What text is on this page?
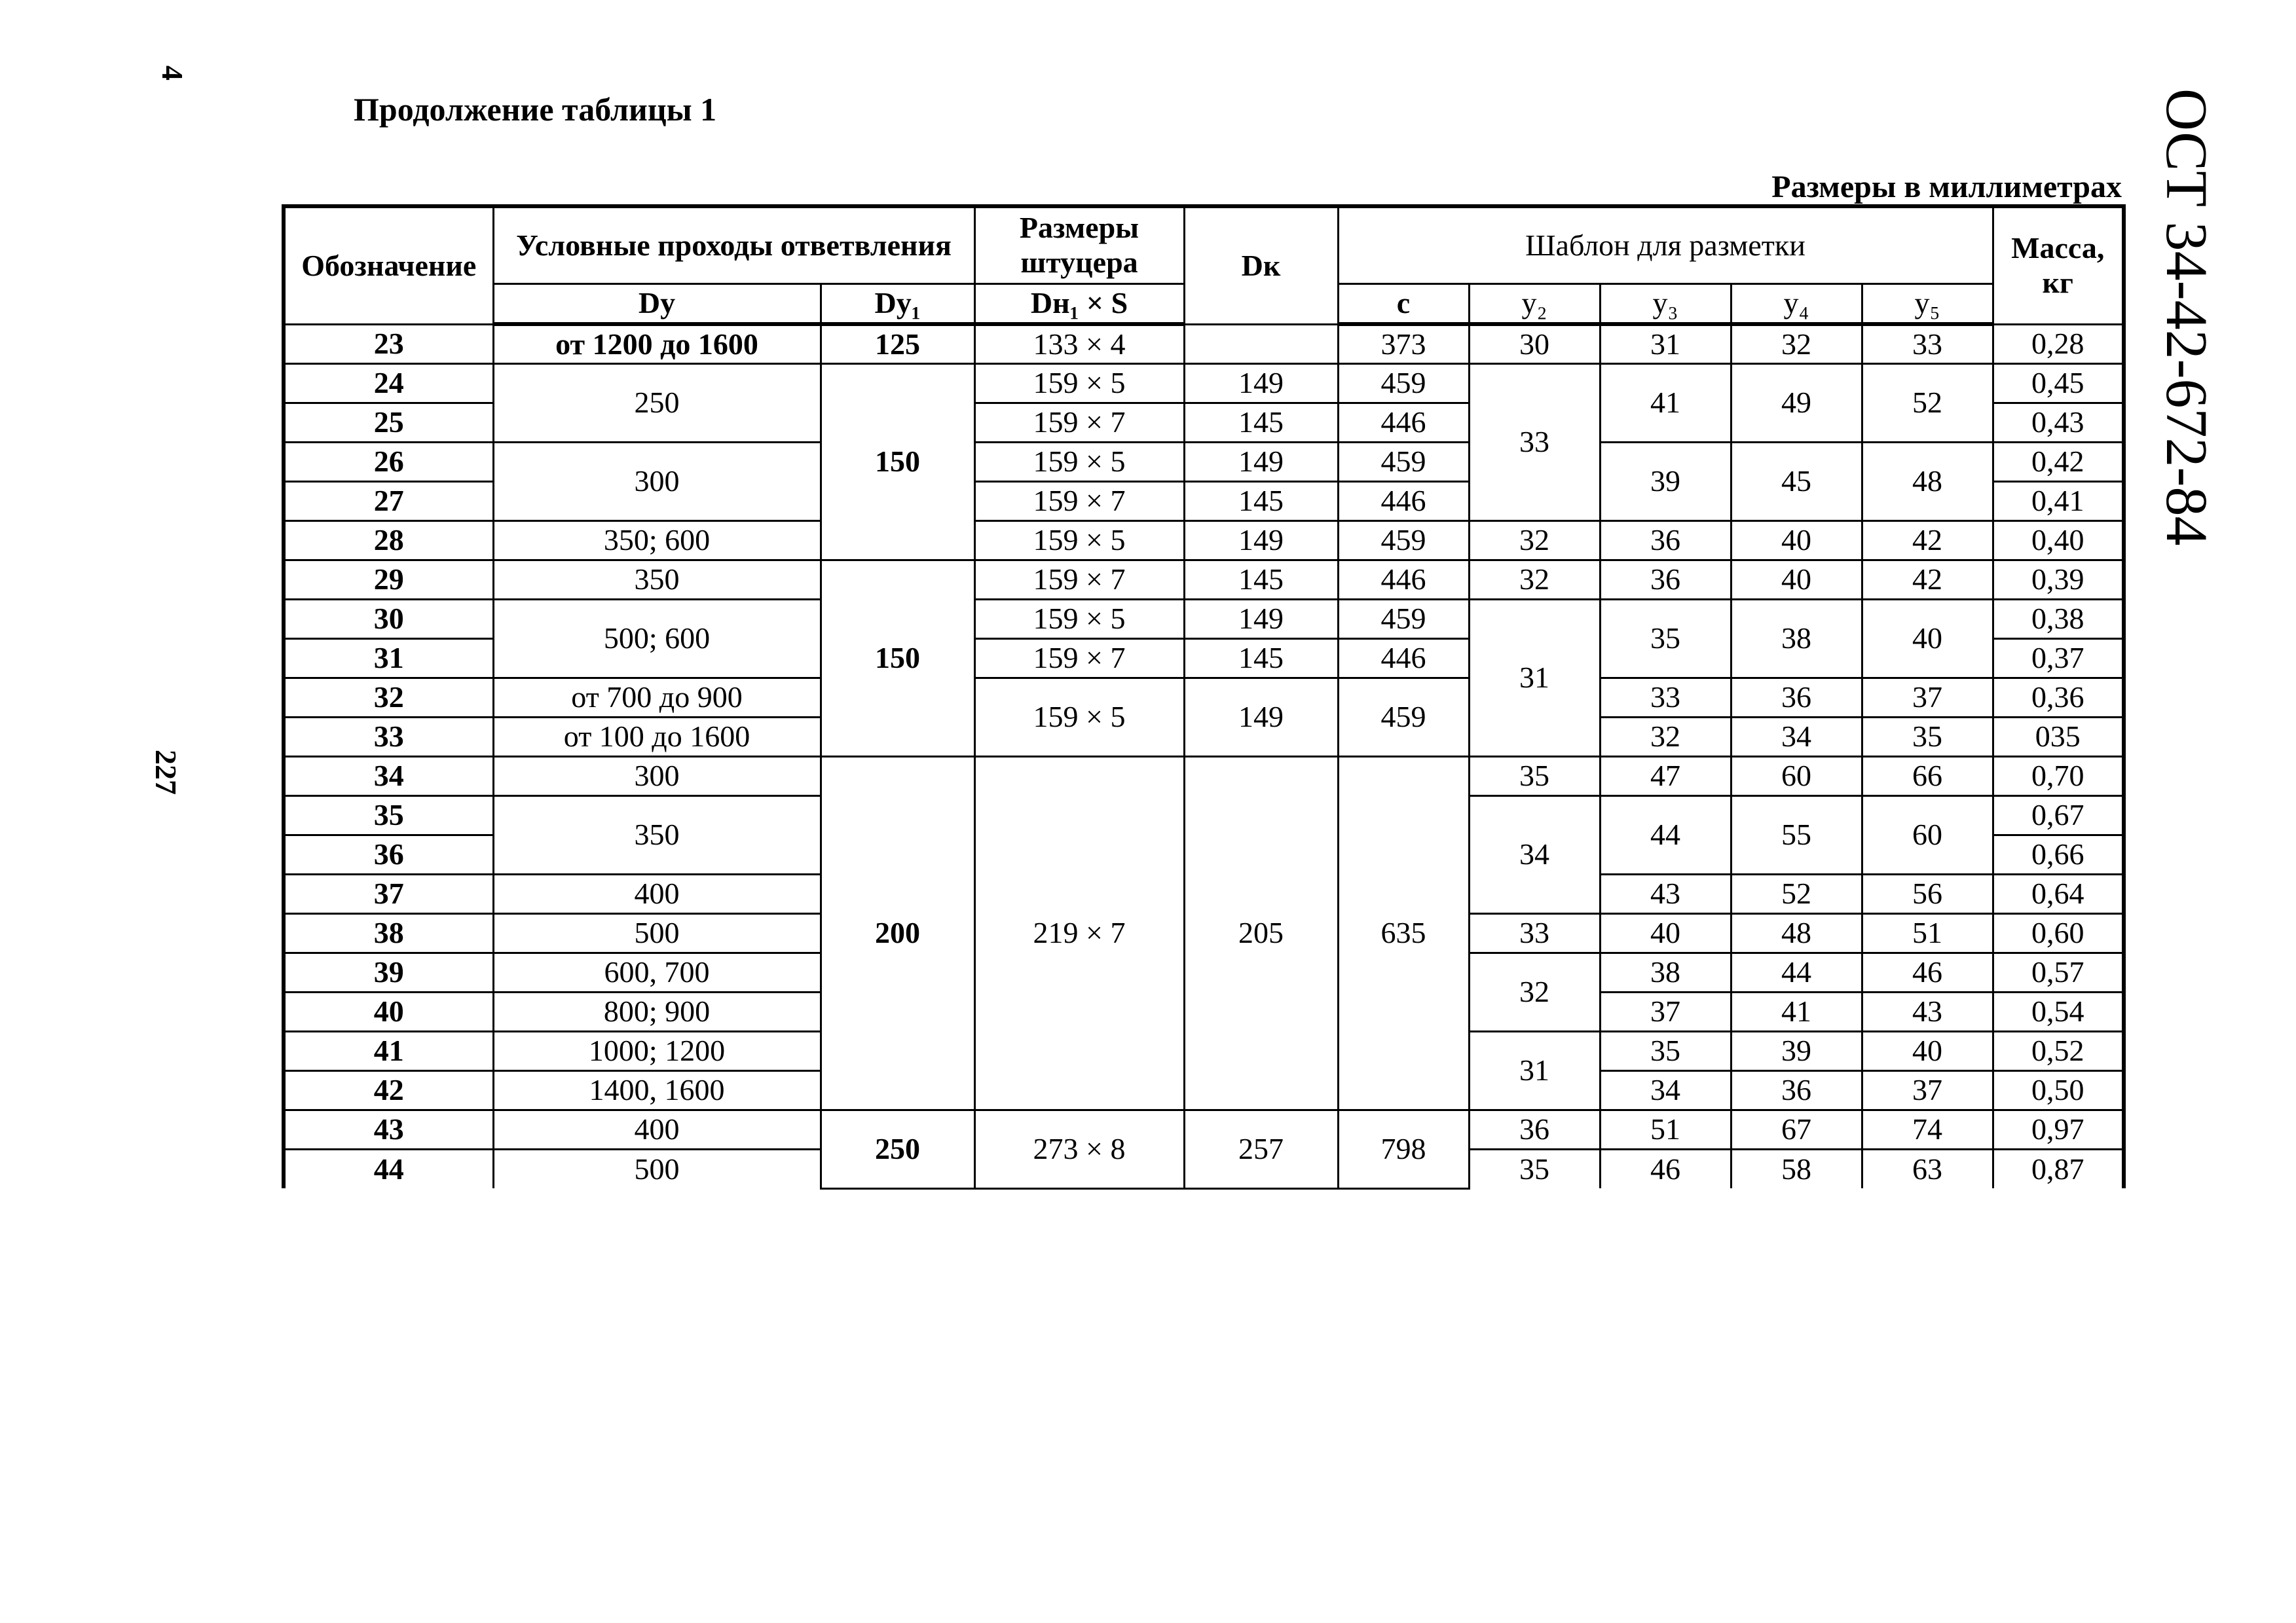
4
227
ОСТ 34-42-672-84
Продолжение таблицы 1
Размеры в миллиметрах
Обозначение	Условные проходы ответвления		Размеры штуцера	Dк	Шаблон для разметки					Масса, кг
	Dу	Dу₁	Dн₁ × S		c	у₂	у₃	у₄	у₅	
23	от 1200 до 1600	125	133 × 4		373	30	31	32	33	0,28
24	250	150	159 × 5	149	459	33	41	49	52	0,45
25			159 × 7	145	446					0,43
26	300		159 × 5	149	459		39	45	48	0,42
27			159 × 7	145	446					0,41
28	350; 600		159 × 5	149	459	32	36	40	42	0,40
29	350	150	159 × 7	145	446	32	36	40	42	0,39
30	500; 600		159 × 5	149	459	31	35	38	40	0,38
31			159 × 7	145	446					0,37
32	от 700 до 900		159 × 5	149	459		33	36	37	0,36
33	от 100 до 1600						32	34	35	035
34	300	200	219 × 7	205	635	35	47	60	66	0,70
35	350					34	44	55	60	0,67
36										0,66
37	400						43	52	56	0,64
38	500					33	40	48	51	0,60
39	600, 700					32	38	44	46	0,57
40	800; 900						37	41	43	0,54
41	1000; 1200					31	35	39	40	0,52
42	1400, 1600						34	36	37	0,50
43	400	250	273 × 8	257	798	36	51	67	74	0,97
44	500					35	46	58	63	0,87
